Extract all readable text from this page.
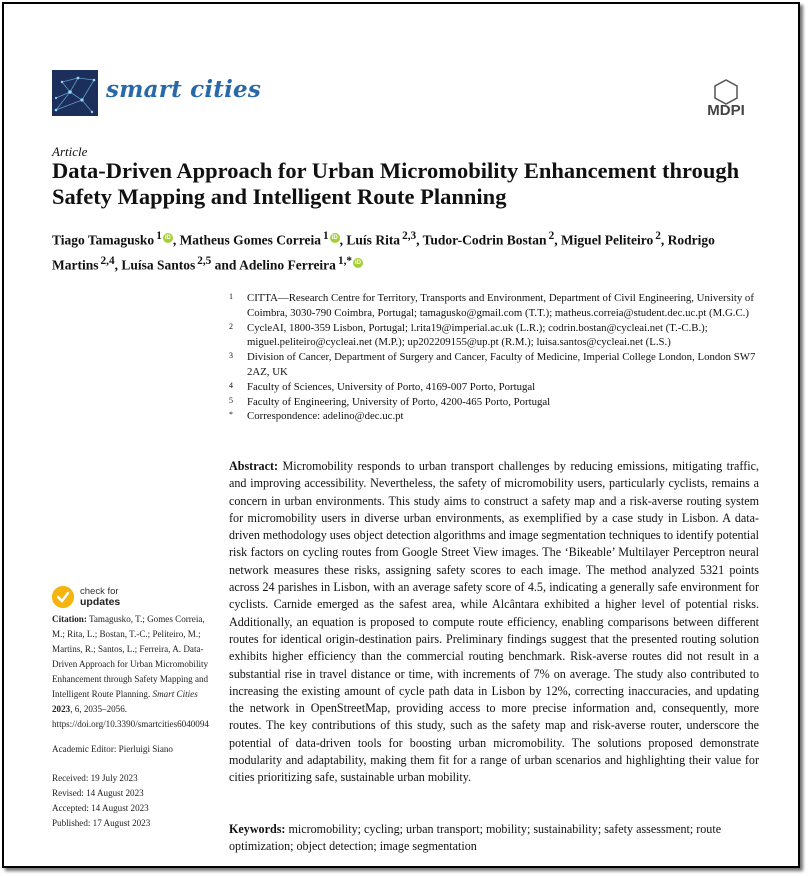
smart cities
MDPI
Article
Data-Driven Approach for Urban Micromobility Enhancement through Safety Mapping and Intelligent Route Planning
Tiago Tamagusko $^1$ iD , Matheus Gomes Correia $^1$ iD , Luís Rita $^{2,3}$, Tudor-Codrin Bostan $^2$, Miguel Peliteiro $^2$, Rodrigo Martins $^{2,4}$, Luísa Santos $^{2,5}$ and Adelino Ferreira $^{1,*}$ iD
1 CITTA—Research Centre for Territory, Transports and Environment, Department of Civil Engineering, University of Coimbra, 3030-790 Coimbra, Portugal; tamagusko@gmail.com (T.T.); matheus.correia@student.dec.uc.pt (M.G.C.)
2 CycleAI, 1800-359 Lisbon, Portugal; l.rita19@imperial.ac.uk (L.R.); codrin.bostan@cycleai.net (T.-C.B.); miguel.peliteiro@cycleai.net (M.P.); up202209155@up.pt (R.M.); luisa.santos@cycleai.net (L.S.)
3 Division of Cancer, Department of Surgery and Cancer, Faculty of Medicine, Imperial College London, London SW7 2AZ, UK
4 Faculty of Sciences, University of Porto, 4169-007 Porto, Portugal
5 Faculty of Engineering, University of Porto, 4200-465 Porto, Portugal
* Correspondence: adelino@dec.uc.pt
check for
updates

Citation: Tamagusko, T.; Gomes Correia, M.; Rita, L.; Bostan, T.-C.; Peliteiro, M.; Martins, R.; Santos, L.; Ferreira, A. Data-Driven Approach for Urban Micromobility Enhancement through Safety Mapping and Intelligent Route Planning. Smart Cities 2023, 6, 2035–2056. https://doi.org/10.3390/smartcities6040094

Academic Editor: Pierluigi Siano

Received: 19 July 2023

Revised: 14 August 2023

Accepted: 14 August 2023

Published: 17 August 2023

Abstract: Micromobility responds to urban transport challenges by reducing emissions, mitigating traffic, and improving accessibility. Nevertheless, the safety of micromobility users, particularly cyclists, remains a concern in urban environments. This study aims to construct a safety map and a risk-averse routing system for micromobility users in diverse urban environments, as exemplified by a case study in Lisbon. A data-driven methodology uses object detection algorithms and image segmentation techniques to identify potential risk factors on cycling routes from Google Street View images. The ‘Bikeable’ Multilayer Perceptron neural network measures these risks, assigning safety scores to each image. The method analyzed 5321 points across 24 parishes in Lisbon, with an average safety score of 4.5, indicating a generally safe environment for cyclists. Carnide emerged as the safest area, while Alcântara exhibited a higher level of potential risks. Additionally, an equation is proposed to compute route efficiency, enabling comparisons between different routes for identical origin-destination pairs. Preliminary findings suggest that the presented routing solution exhibits higher efficiency than the commercial routing benchmark. Risk-averse routes did not result in a substantial rise in travel distance or time, with increments of 7% on average. The study also contributed to increasing the existing amount of cycle path data in Lisbon by 12%, correcting inaccuracies, and updating the network in OpenStreetMap, providing access to more precise information and, consequently, more routes. The key contributions of this study, such as the safety map and risk-averse router, underscore the potential of data-driven tools for boosting urban micromobility. The solutions proposed demonstrate modularity and adaptability, making them fit for a range of urban scenarios and highlighting their value for cities prioritizing safe, sustainable urban mobility.

Keywords: micromobility; cycling; urban transport; mobility; sustainability; safety assessment; route optimization; object detection; image segmentation
